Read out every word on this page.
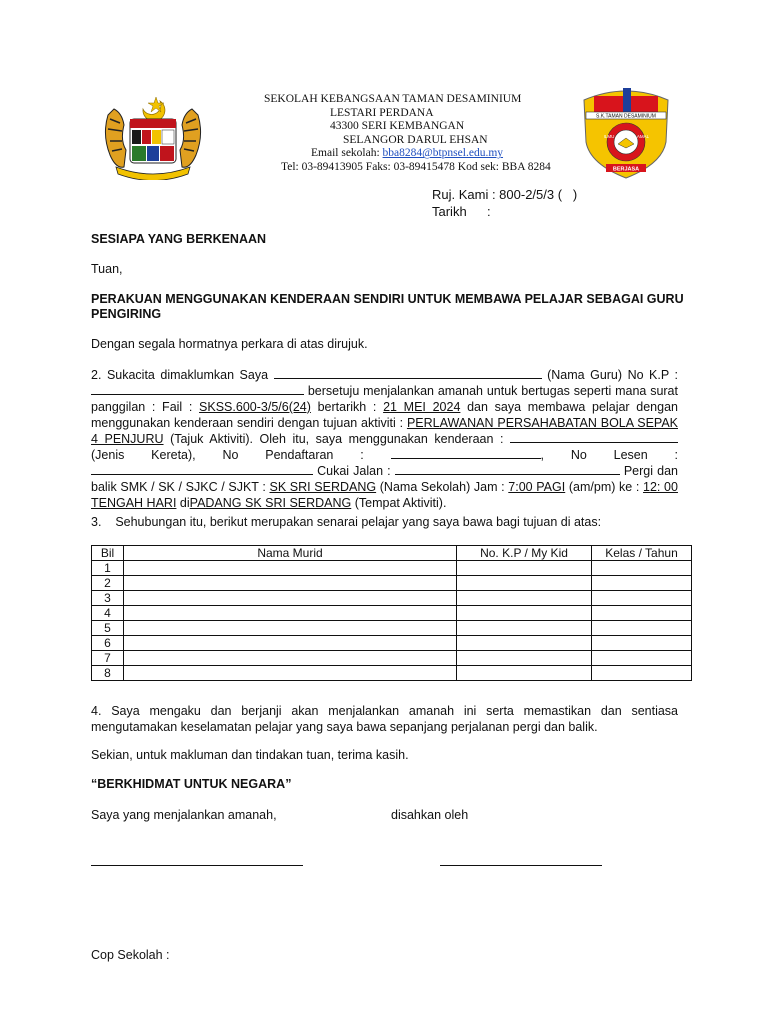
S.K.TAMAN DESAMINIUM
ILMU	AMAL
BERJASA
SEKOLAH KEBANGSAAN TAMAN DESAMINIUM
LESTARI PERDANA
43300 SERI KEMBANGAN
SELANGOR DARUL EHSAN
Email sekolah: bba8284@btpnsel.edu.my
Tel: 03-89413905 Faks: 03-89415478 Kod sek: BBA 8284
Ruj. Kami : 800-2/5/3 (   )
Tarikh :
SESIAPA YANG BERKENAAN
Tuan,
PERAKUAN MENGGUNAKAN KENDERAAN SENDIRI UNTUK MEMBAWA PELAJAR SEBAGAI GURU PENGIRING
Dengan segala hormatnya perkara di atas dirujuk.
2. Sukacita dimaklumkan Saya	(Nama Guru) No K.P :  bersetuju menjalankan amanah untuk bertugas seperti mana surat panggilan : Fail : SKSS.600-3/5/6(24) bertarikh : 21 MEI 2024 dan saya membawa pelajar dengan menggunakan kenderaan sendiri dengan tujuan aktiviti : PERLAWANAN PERSAHABATAN BOLA SEPAK 4 PENJURU (Tajuk Aktiviti). Oleh itu, saya menggunakan kenderaan : (Jenis Kereta), No Pendaftaran :	, No Lesen :  Cukai Jalan :	Pergi dan balik SMK / SK / SJKC / SJKT : SK SRI SERDANG (Nama Sekolah) Jam : 7:00 PAGI (am/pm) ke : 12: 00 TENGAH HARI diPADANG SK SRI SERDANG (Tempat Aktiviti).
3.    Sehubungan itu, berikut merupakan senarai pelajar yang saya bawa bagi tujuan di atas:
Bil	Nama Murid	No. K.P / My Kid	Kelas / Tahun
1			
2			
3			
4			
5			
6			
7			
8			
4. Saya mengaku dan berjanji akan menjalankan amanah ini serta memastikan dan sentiasa mengutamakan keselamatan pelajar yang saya bawa sepanjang perjalanan pergi dan balik.
Sekian, untuk makluman dan tindakan tuan, terima kasih.
“BERKHIDMAT UNTUK NEGARA”
Saya yang menjalankan amanah,	disahkan oleh
Cop Sekolah :
